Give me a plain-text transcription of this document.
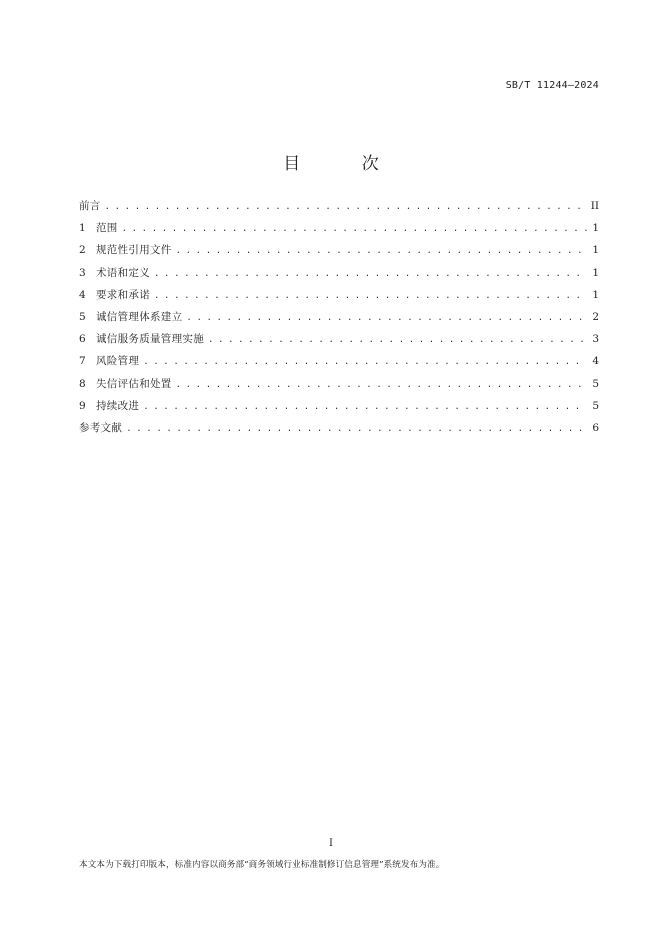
SB/T 11244—2024
目 次
前言 . . .	II
1 范围 . . .	1
2 规范性引用文件 . . .	1
3 术语和定义 . . .	1
4 要求和承诺 . . .	1
5 诚信管理体系建立 . . .	2
6 诚信服务质量管理实施 . . .	3
7 风险管理 . . .	4
8 失信评估和处置 . . .	5
9 持续改进 . . .	5
参考文献 . . .	6
I
本文本为下载打印版本，标准内容以商务部“商务领域行业标准制修订信息管理”系统发布为准。
